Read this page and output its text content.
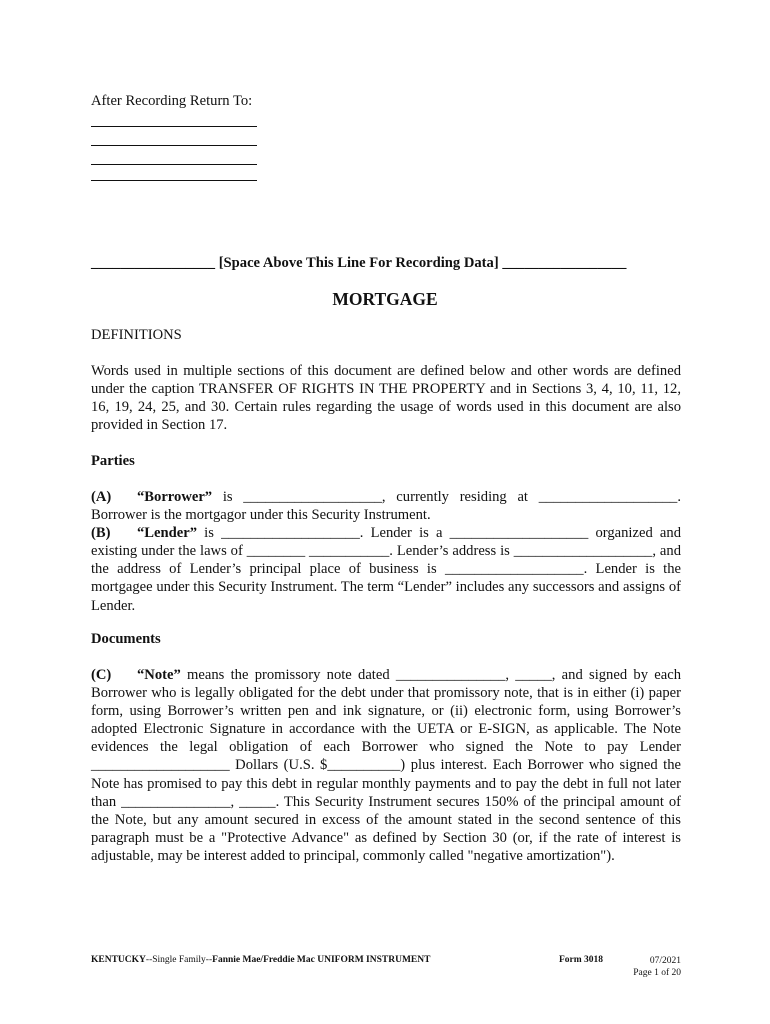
After Recording Return To:
_________________ [Space Above This Line For Recording Data] _________________
MORTGAGE
DEFINITIONS
Words used in multiple sections of this document are defined below and other words are defined under the caption TRANSFER OF RIGHTS IN THE PROPERTY and in Sections 3, 4, 10, 11, 12, 16, 19, 24, 25, and 30. Certain rules regarding the usage of words used in this document are also provided in Section 17.
Parties
(A) “Borrower” is ___________________, currently residing at ___________________. Borrower is the mortgagor under this Security Instrument.
(B) “Lender” is ___________________. Lender is a ___________________ organized and existing under the laws of ________ ___________. Lender’s address is ___________________, and the address of Lender’s principal place of business is ___________________. Lender is the mortgagee under this Security Instrument. The term “Lender” includes any successors and assigns of Lender.
Documents
(C) “Note” means the promissory note dated _______________, _____, and signed by each Borrower who is legally obligated for the debt under that promissory note, that is in either (i) paper form, using Borrower’s written pen and ink signature, or (ii) electronic form, using Borrower’s adopted Electronic Signature in accordance with the UETA or E-SIGN, as applicable. The Note evidences the legal obligation of each Borrower who signed the Note to pay Lender ___________________ Dollars (U.S. $__________) plus interest. Each Borrower who signed the Note has promised to pay this debt in regular monthly payments and to pay the debt in full not later than _______________, _____. This Security Instrument secures 150% of the principal amount of the Note, but any amount secured in excess of the amount stated in the second sentence of this paragraph must be a "Protective Advance" as defined by Section 30 (or, if the rate of interest is adjustable, may be interest added to principal, commonly called "negative amortization").
KENTUCKY--Single Family--Fannie Mae/Freddie Mac UNIFORM INSTRUMENT	Form 3018	07/2021
Page 1 of 20
